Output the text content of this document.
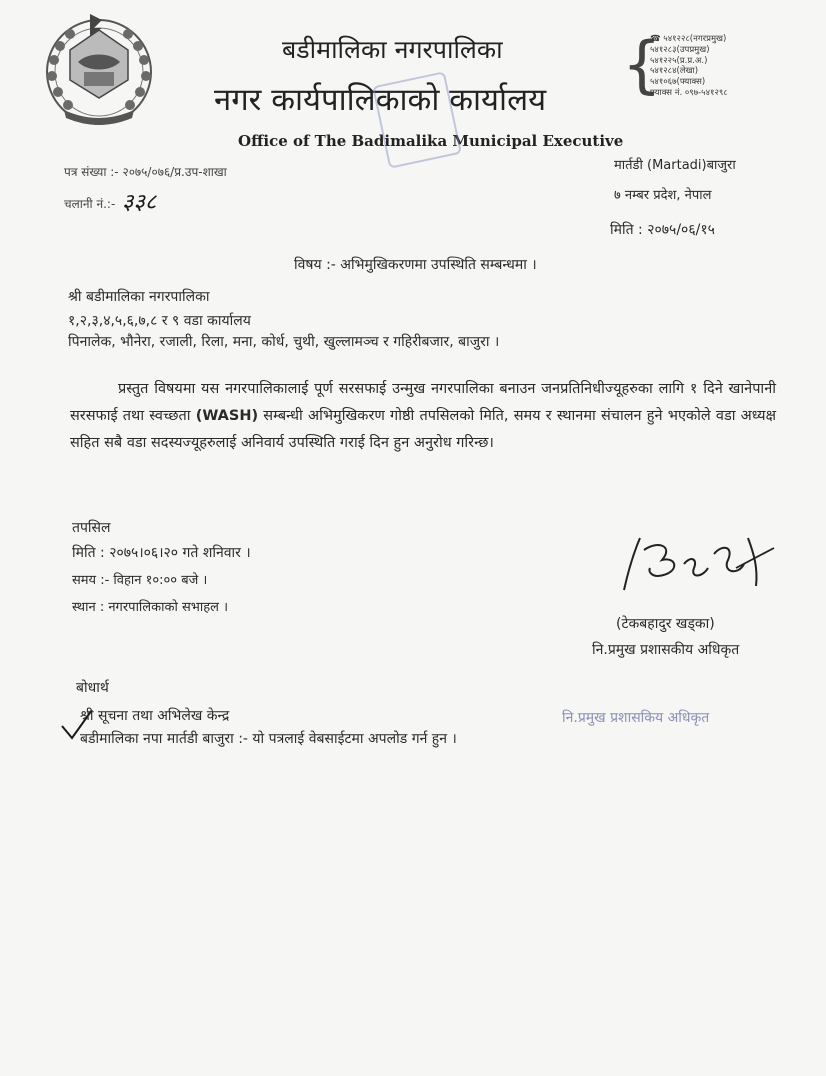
बडीमालिका नगरपालिका
नगर कार्यपालिकाको कार्यालय
Office of The Badimalika Municipal Executive
{
☎ ५४१२२८(नगरप्रमुख)
५४१२८३(उपप्रमुख)
५४१२२५(प्र.प्र.अ.)
५४१२८४(लेखा)
५४१०६७(फ्याक्स)
फ्याक्स नं. ०९७-५४१२९८
पत्र संख्या :- २०७५/०७६/प्र.उप-शाखा
चलानी नं.:- ३३८
मार्तडी (Martadi)बाजुरा
७ नम्बर प्रदेश, नेपाल
मिति : २०७५/०६/१५
विषय :- अभिमुखिकरणमा उपस्थिति सम्बन्धमा ।
श्री बडीमालिका नगरपालिका
१,२,३,४,५,६,७,८ र ९ वडा कार्यालय
पिनालेक, भौनेरा, रजाली, रिला, मना, कोर्ध, चुथी, खुल्लामञ्च र गहिरीबजार, बाजुरा ।
प्रस्तुत विषयमा यस नगरपालिकालाई पूर्ण सरसफाई उन्मुख नगरपालिका बनाउन जनप्रतिनिधीज्यूहरुका लागि १ दिने खानेपानी सरसफाई तथा स्वच्छता (WASH) सम्बन्धी अभिमुखिकरण गोष्ठी तपसिलको मिति, समय र स्थानमा संचालन हुने भएकोले वडा अध्यक्ष सहित सबै वडा सदस्यज्यूहरुलाई अनिवार्य उपस्थिति गराई दिन हुन अनुरोध गरिन्छ।
तपसिल
मिति : २०७५।०६।२० गते शनिवार ।
समय :- विहान १०:०० बजे ।
स्थान : नगरपालिकाको सभाहल ।
(टेकबहादुर खड्का)
नि.प्रमुख प्रशासकीय अधिकृत
बोधार्थ
श्री सूचना तथा अभिलेख केन्द्र
बडीमालिका नपा मार्तडी बाजुरा :- यो पत्रलाई वेबसाईटमा अपलोड गर्न हुन ।
नि.प्रमुख प्रशासकिय अधिकृत
